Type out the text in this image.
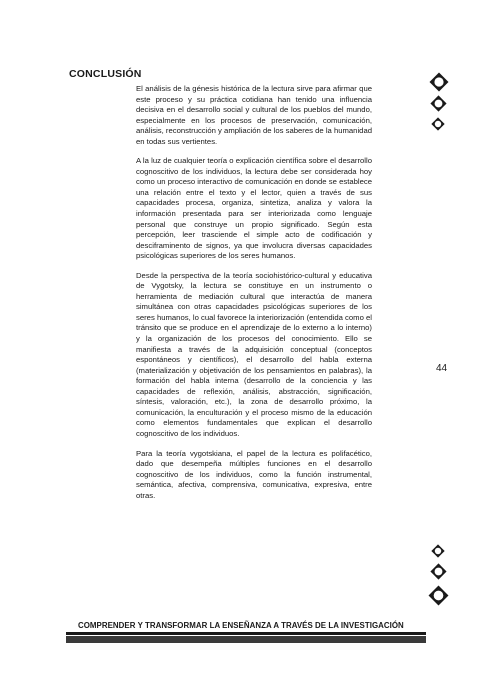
CONCLUSIÓN

El análisis de la génesis histórica de la lectura sirve para afirmar que este proceso y su práctica cotidiana han tenido una influencia decisiva en el desarrollo social y cultural de los pueblos del mundo, especialmente en los procesos de preservación, comunicación, análisis, reconstrucción y ampliación de los saberes de la humanidad en todas sus vertientes.

A la luz de cualquier teoría o explicación científica sobre el desarrollo cognoscitivo de los individuos, la lectura debe ser considerada hoy como un proceso interactivo de comunicación en donde se establece una relación entre el texto y el lector, quien a través de sus capacidades procesa, organiza, sintetiza, analiza y valora la información presentada para ser interiorizada como lenguaje personal que construye un propio significado. Según esta percepción, leer trasciende el simple acto de codificación y desciframinento de signos, ya que involucra diversas capacidades psicológicas superiores de los seres humanos.

Desde la perspectiva de la teoría sociohistórico-cultural y educativa de Vygotsky, la lectura se constituye en un instrumento o herramienta de mediación cultural que interactúa de manera simultánea con otras capacidades psicológicas superiores de los seres humanos, lo cual favorece la interiorización (entendida como el tránsito que se produce en el aprendizaje de lo externo a lo interno) y la organización de los procesos del conocimiento. Ello se manifiesta a través de la adquisición conceptual (conceptos espontáneos y científicos), el desarrollo del habla externa (materialización y objetivación de los pensamientos en palabras), la formación del habla interna (desarrollo de la conciencia y las capacidades de reflexión, análisis, abstracción, significación, síntesis, valoración, etc.), la zona de desarrollo próximo, la comunicación, la enculturación y el proceso mismo de la educación como elementos fundamentales que explican el desarrollo cognoscitivo de los individuos.

Para la teoría vygotskiana, el papel de la lectura es polifacético, dado que desempeña múltiples funciones en el desarrollo cognoscitivo de los individuos, como la función instrumental, semántica, afectiva, comprensiva, comunicativa, expresiva, entre otras.

44
COMPRENDER Y TRANSFORMAR LA ENSEÑANZA A TRAVÉS DE LA INVESTIGACIÓN
